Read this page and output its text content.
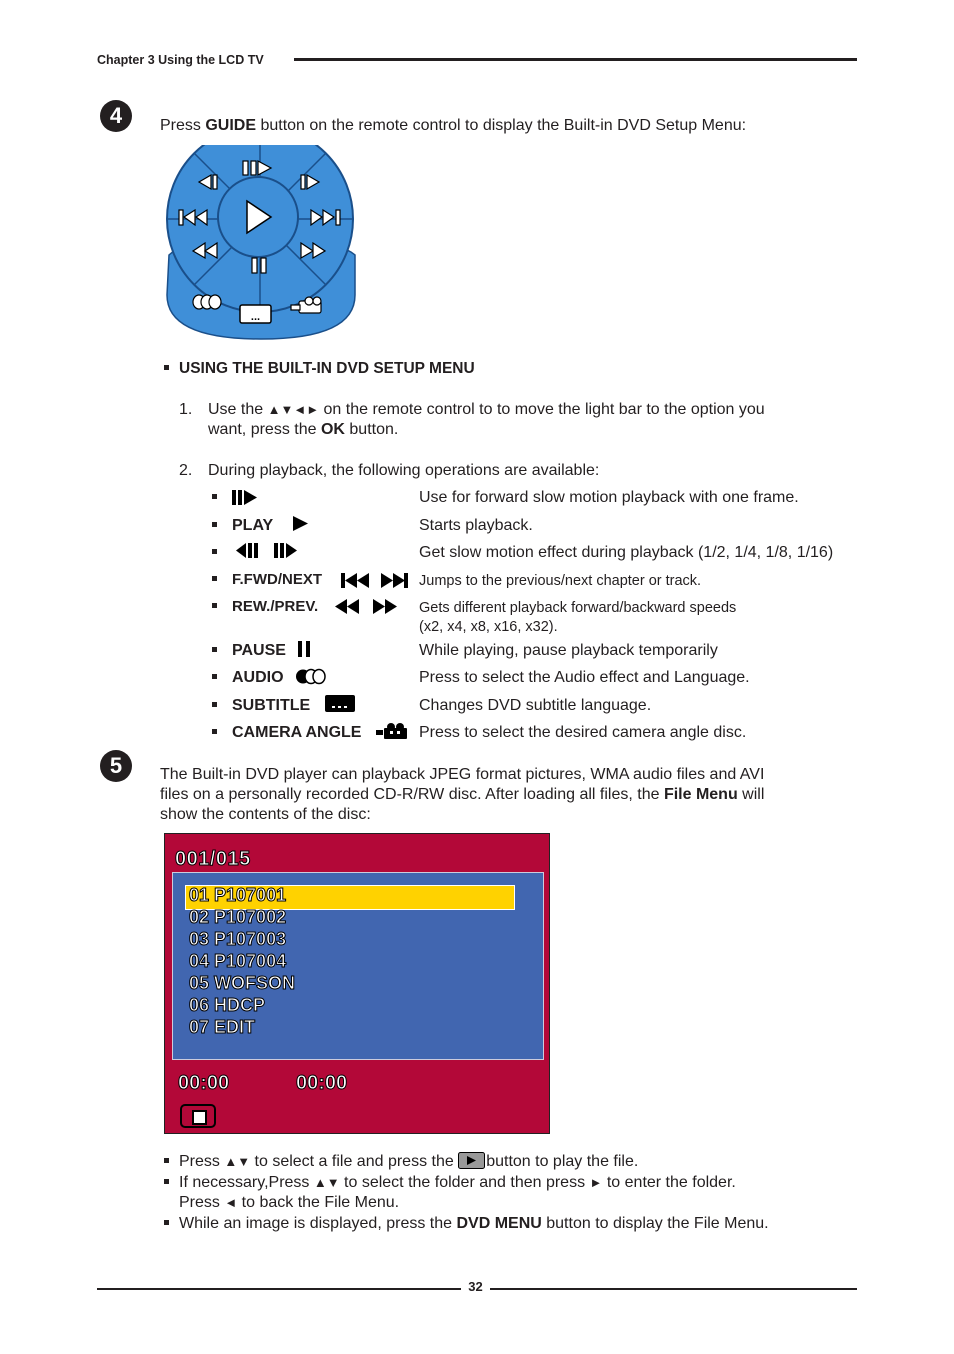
Chapter 3 Using the LCD TV
4	Press GUIDE button on the remote control to display the Built-in DVD Setup Menu:
...
USING THE BUILT-IN DVD SETUP MENU
1. Use the ▲▼◄► on the remote control to to move the light bar to the option you
want, press the OK button.
2. During playback, the following operations are available:
Use for forward slow motion playback with one frame.
PLAY	Starts playback.
Get slow motion effect during playback (1/2, 1/4, 1/8, 1/16)
F.FWD/NEXT	Jumps to the previous/next chapter or track.
REW./PREV.	Gets different playback forward/backward speeds
(x2, x4, x8, x16, x32).
PAUSE	While playing, pause playback temporarily
AUDIO	Press to select the Audio effect and Language.
SUBTITLE	Changes DVD subtitle language.
CAMERA ANGLE	Press to select the desired camera angle disc.
5	The Built-in DVD player can playback JPEG format pictures, WMA audio files and AVI
files on a personally recorded CD-R/RW disc. After loading all files, the File Menu will
show the contents of the disc:
001/015
01 P107001
02 P107002
03 P107003
04 P107004
05 WOFSON
06 HDCP
07 EDIT
00:00	00:00
Press ▲▼ to select a file and press the button to play the file.
If necessary,Press ▲▼ to select the folder and then press ► to enter the folder.
Press ◄ to back the File Menu.
While an image is displayed, press the DVD MENU button to display the File Menu.
32
